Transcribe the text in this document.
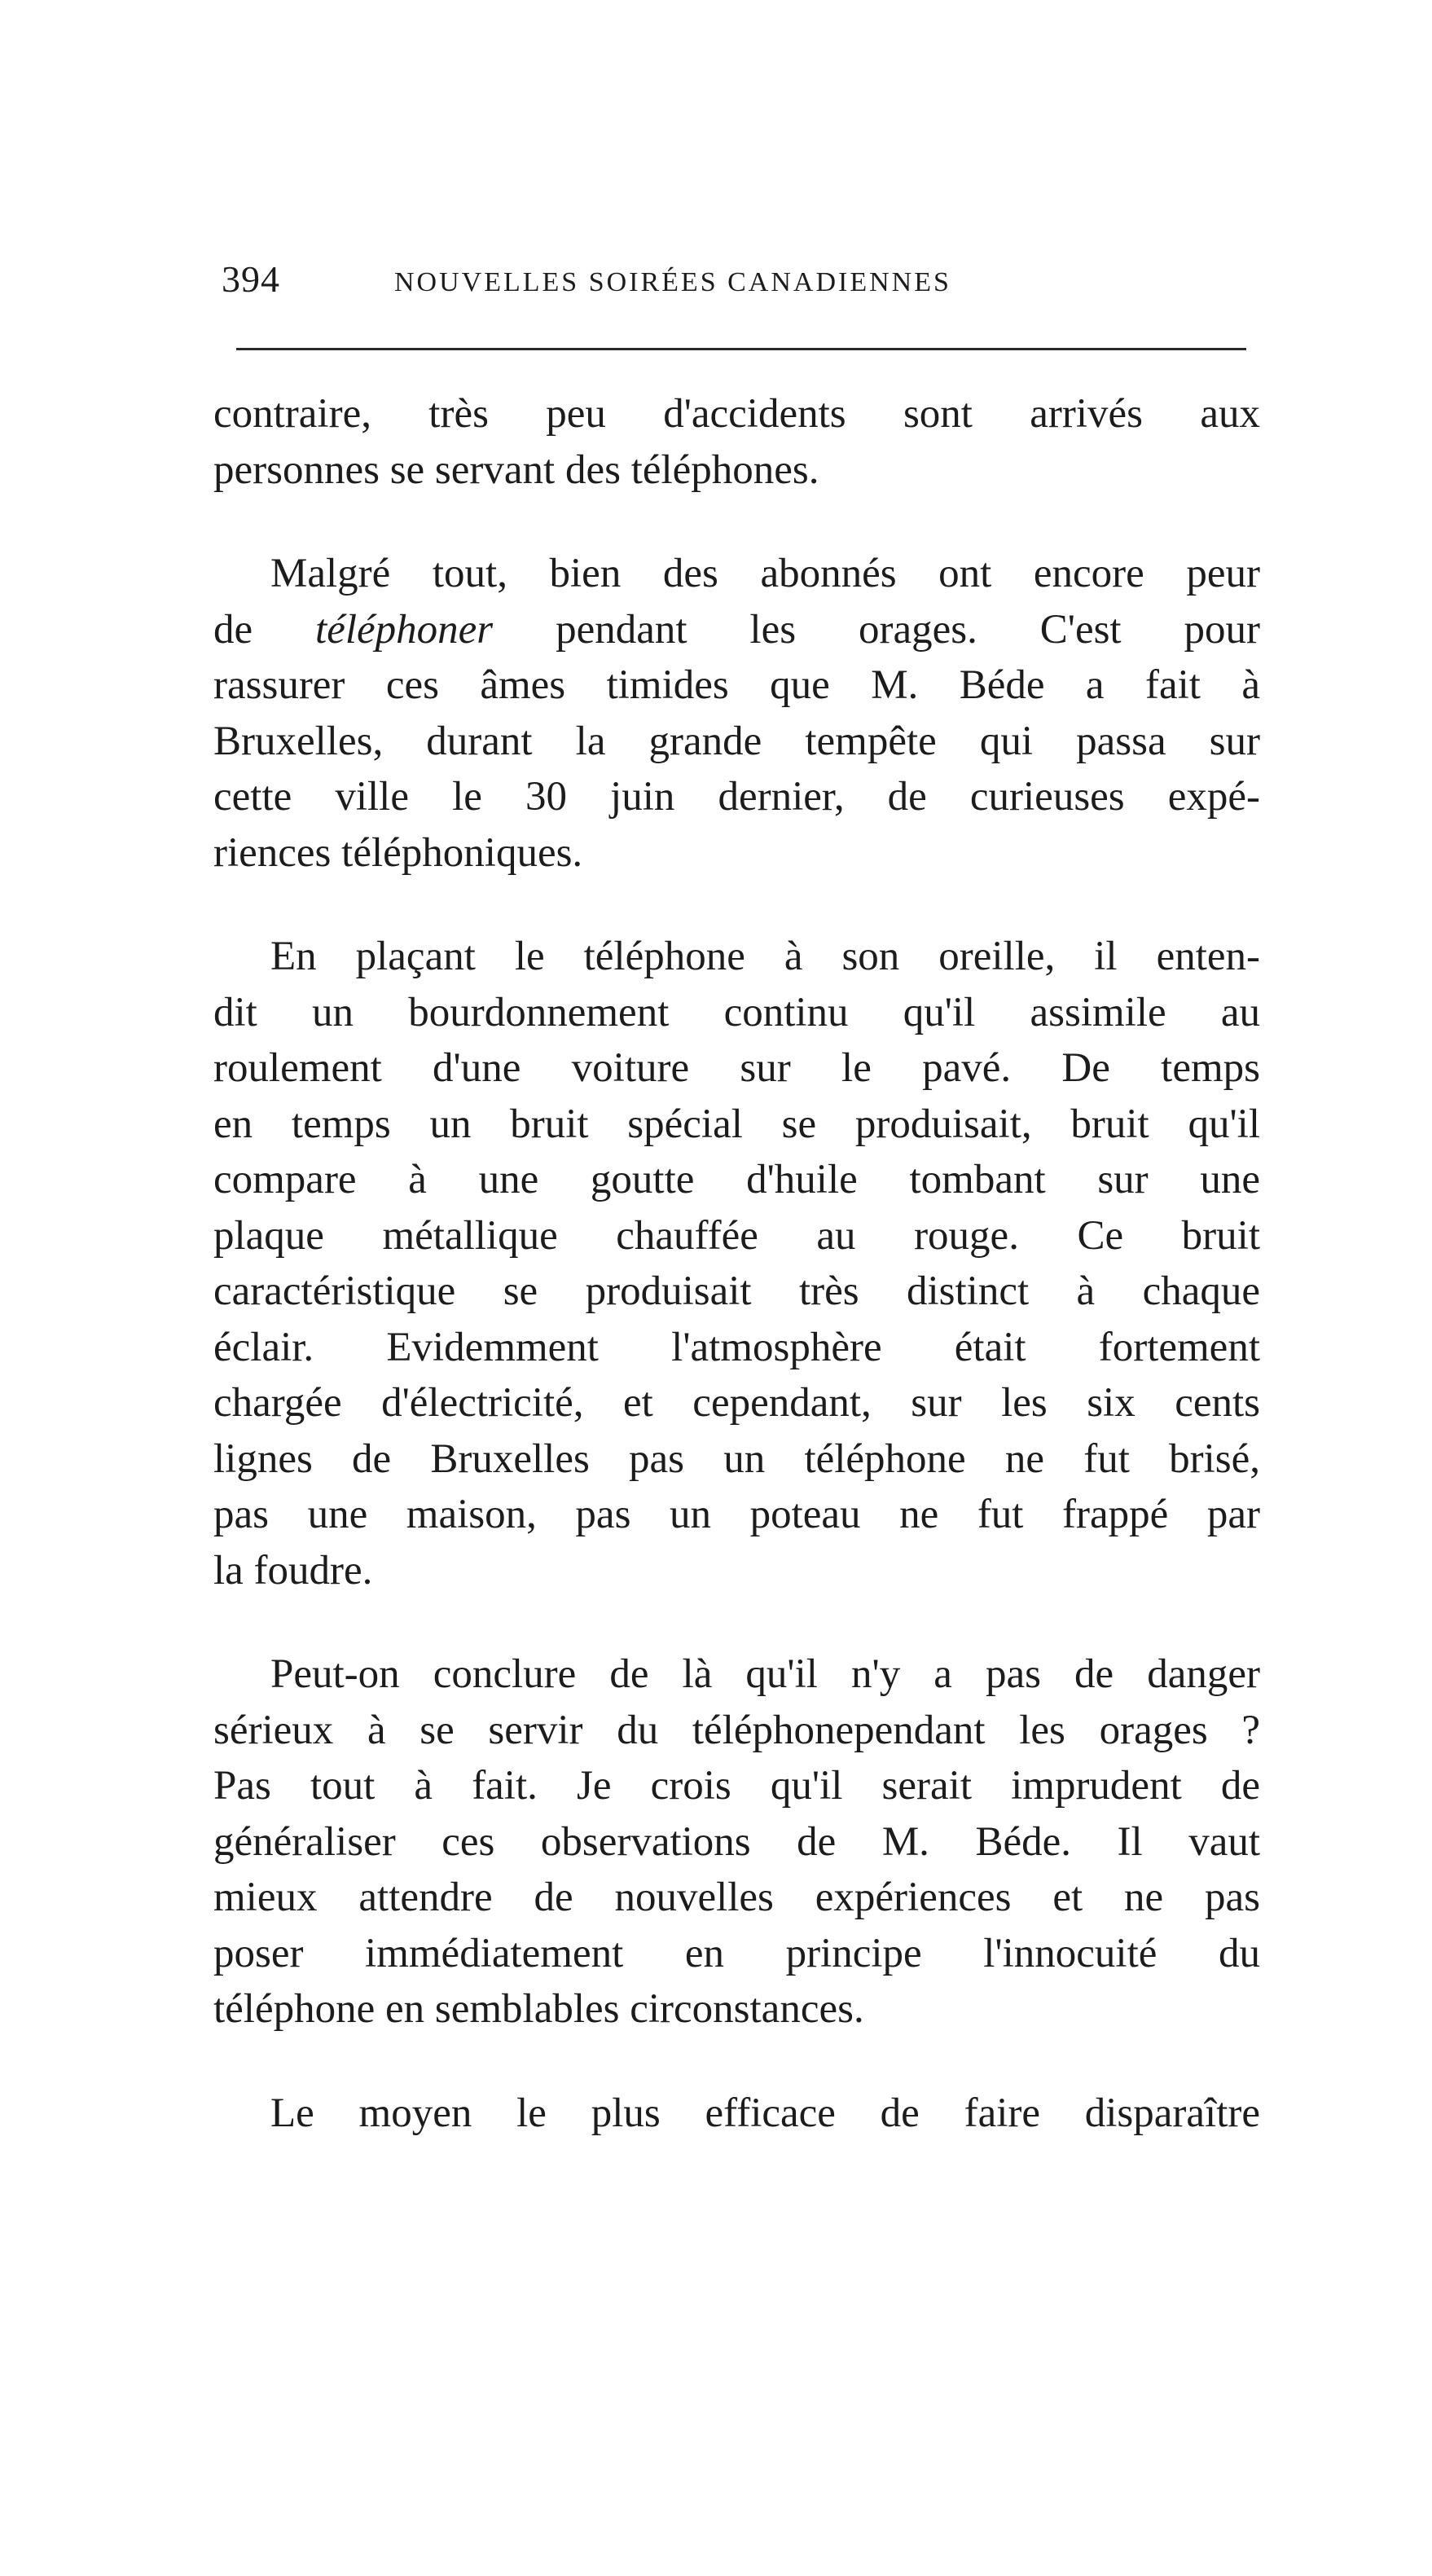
394	NOUVELLES SOIRÉES CANADIENNES

contraire, très peu d'accidents sont arrivés aux
personnes se servant des téléphones.

Malgré tout, bien des abonnés ont encore peur
de téléphoner pendant les orages. C'est pour
rassurer ces âmes timides que M. Béde a fait à
Bruxelles, durant la grande tempête qui passa sur
cette ville le 30 juin dernier, de curieuses expé-
riences téléphoniques.

En plaçant le téléphone à son oreille, il enten-
dit un bourdonnement continu qu'il assimile au
roulement d'une voiture sur le pavé. De temps
en temps un bruit spécial se produisait, bruit qu'il
compare à une goutte d'huile tombant sur une
plaque métallique chauffée au rouge. Ce bruit
caractéristique se produisait très distinct à chaque
éclair. Evidemment l'atmosphère était fortement
chargée d'électricité, et cependant, sur les six cents
lignes de Bruxelles pas un téléphone ne fut brisé,
pas une maison, pas un poteau ne fut frappé par
la foudre.

Peut-on conclure de là qu'il n'y a pas de danger
sérieux à se servir du téléphonependant les orages ?
Pas tout à fait. Je crois qu'il serait imprudent de
généraliser ces observations de M. Béde. Il vaut
mieux attendre de nouvelles expériences et ne pas
poser immédiatement en principe l'innocuité du
téléphone en semblables circonstances.

Le moyen le plus efficace de faire disparaître
